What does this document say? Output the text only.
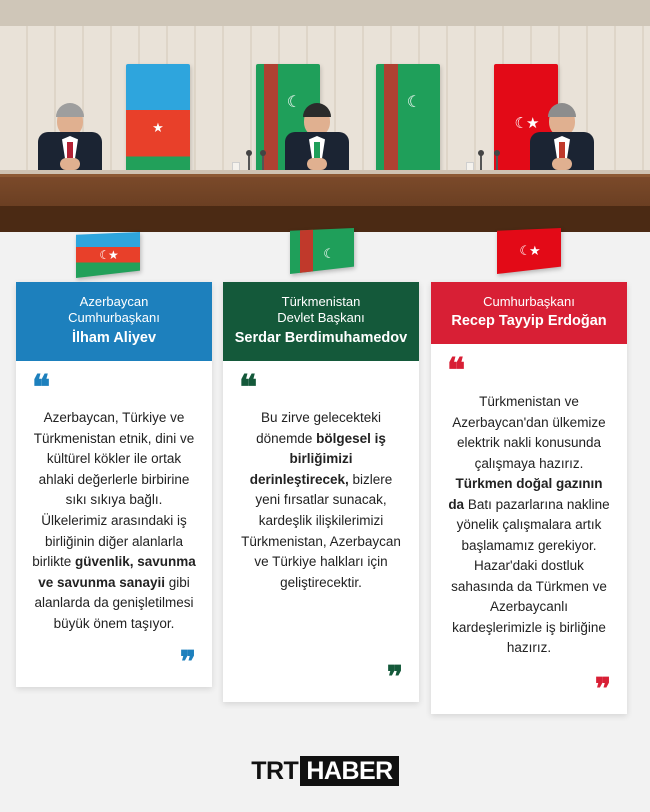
★
☾
☾
☾★
☾★
☾
☾★
Azerbaycan
Cumhurbaşkanı
İlham Aliyev
❝
Azerbaycan, Türkiye ve Türkmenistan etnik, dini ve kültürel kökler ile ortak ahlaki değerlerle birbirine sıkı sıkıya bağlı. Ülkelerimiz arasındaki iş birliğinin diğer alanlarla birlikte güvenlik, savunma ve savunma sanayii gibi alanlarda da genişletilmesi büyük önem taşıyor.
❞
Türkmenistan
Devlet Başkanı
Serdar Berdimuhamedov
❝
Bu zirve gelecekteki dönemde bölgesel iş birliğimizi derinleştirecek, bizlere yeni fırsatlar sunacak, kardeşlik ilişkilerimizi Türkmenistan, Azerbaycan ve Türkiye halkları için geliştirecektir.
❞
Cumhurbaşkanı
Recep Tayyip Erdoğan
❝
Türkmenistan ve Azerbaycan'dan ülkemize elektrik nakli konusunda çalışmaya hazırız. Türkmen doğal gazının da Batı pazarlarına nakline yönelik çalışmalara artık başlamamız gerekiyor. Hazar'daki dostluk sahasında da Türkmen ve Azerbaycanlı kardeşlerimizle iş birliğine hazırız.
❞
TRT HABER
